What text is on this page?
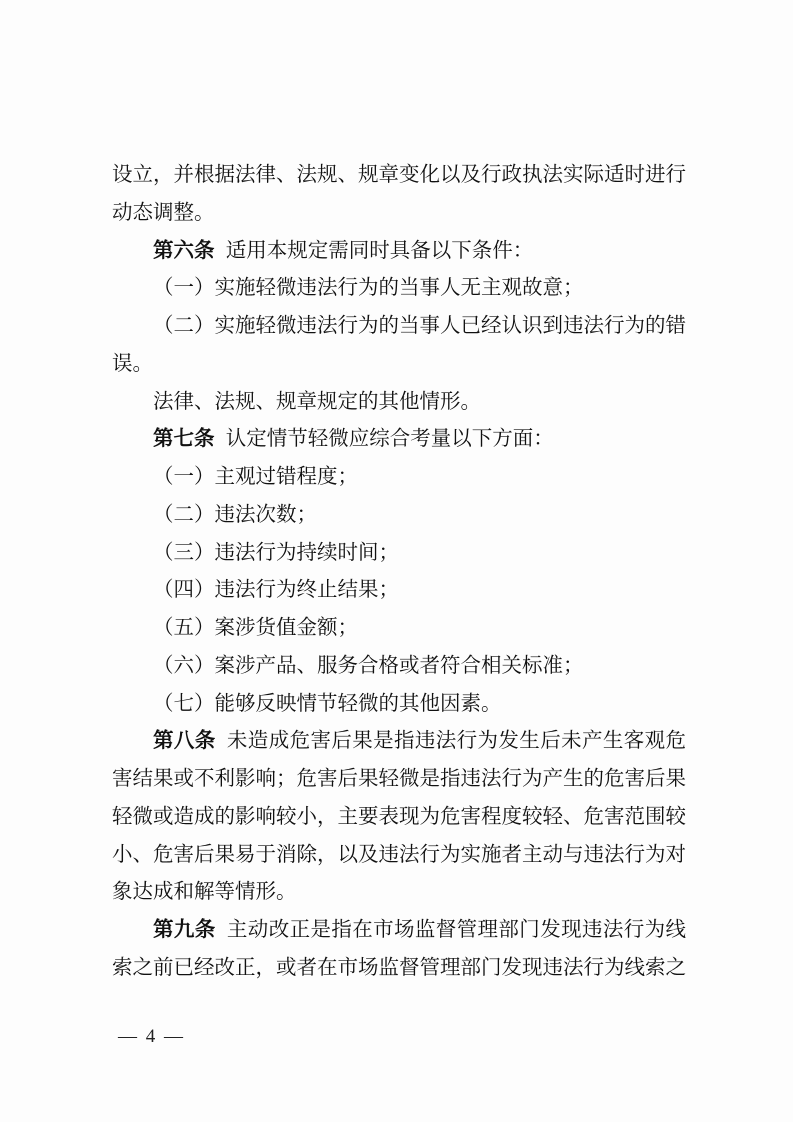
设立，并根据法律、法规、规章变化以及行政执法实际适时进行动态调整。

第六条 适用本规定需同时具备以下条件：

（一）实施轻微违法行为的当事人无主观故意；

（二）实施轻微违法行为的当事人已经认识到违法行为的错误。

法律、法规、规章规定的其他情形。

第七条 认定情节轻微应综合考量以下方面：

（一）主观过错程度；

（二）违法次数；

（三）违法行为持续时间；

（四）违法行为终止结果；

（五）案涉货值金额；

（六）案涉产品、服务合格或者符合相关标准；

（七）能够反映情节轻微的其他因素。

第八条 未造成危害后果是指违法行为发生后未产生客观危害结果或不利影响；危害后果轻微是指违法行为产生的危害后果轻微或造成的影响较小，主要表现为危害程度较轻、危害范围较小、危害后果易于消除，以及违法行为实施者主动与违法行为对象达成和解等情形。

第九条 主动改正是指在市场监督管理部门发现违法行为线索之前已经改正，或者在市场监督管理部门发现违法行为线索之

— 4 —
